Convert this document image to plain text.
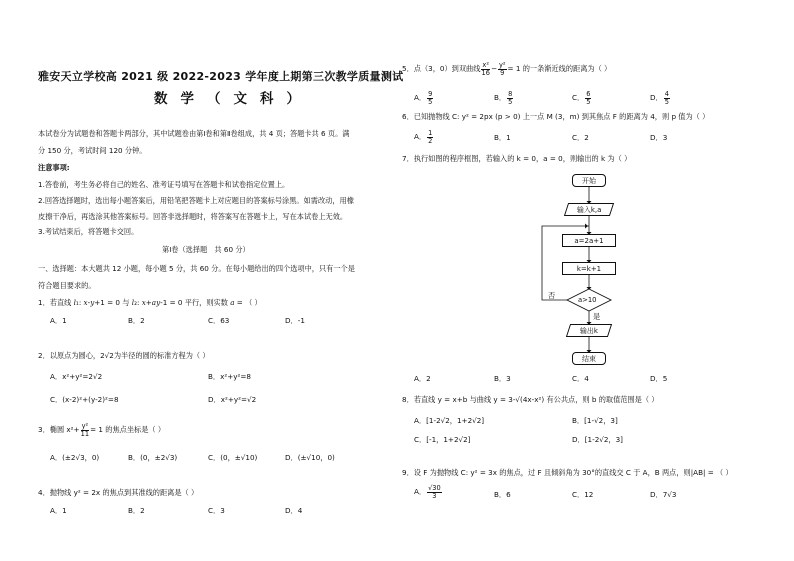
雅安天立学校高 2021 级 2022-2023 学年度上期第三次教学质量测试
数学（文科）
本试卷分为试题卷和答题卡两部分，其中试题卷由第Ⅰ卷和第Ⅱ卷组成，共 4 页；答题卡共 6 页。满
分 150 分，考试时间 120 分钟。
注意事项:
1.答卷前，考生务必将自己的姓名、准考证号填写在答题卡和试卷指定位置上。
2.回答选择题时，选出每小题答案后，用铅笔把答题卡上对应题目的答案标号涂黑。如需改动，用橡
皮擦干净后，再选涂其他答案标号。回答非选择题时，将答案写在答题卡上，写在本试卷上无效。
3.考试结束后，将答题卡交回。
第Ⅰ卷（选择题　共 60 分）
一、选择题：本大题共 12 小题，每小题 5 分，共 60 分。在每小题给出的四个选项中，只有一个是
符合题目要求的。
1．若直线 l₁: x-y+1 = 0 与 l₂: x+ay-1 = 0 平行，则实数 a = （ ）
A．1	B．2	C．63	D．-1
2．以原点为圆心，2√2为半径的圆的标准方程为（ ）
A．x²+y²=2√2	B．x²+y²=8
C．(x-2)²+(y-2)²=8	D．x²+y²=√2
3．椭圆 $x^2+ \frac{\text{y²}}{11} = 1$ 的焦点坐标是（ ）
A．(±2√3，0)	B．(0，±2√3)	C．(0，±√10)	D．(±√10，0)
4．抛物线 y² = 2x 的焦点到其准线的距离是（ ）
A．1	B．2	C．3	D．4
5．点（3，0）到双曲线 $\frac{\text{x²}}{16} - \frac{\text{y²}}{9} = 1$ 的一条渐近线的距离为（ ）
A． $\frac{9}{5}$	B． $\frac{8}{5}$	C． $\frac{6}{5}$	D． $\frac{4}{5}$
6．已知抛物线 C: y² = 2px (p > 0) 上一点 M (3，m) 到其焦点 F 的距离为 4，则 p 值为（ ）
A． $\frac{1}{2}$	B．1	C．2	D．3
7．执行如图的程序框图，若输入的 k = 0，a = 0，则输出的 k 为（ ）
开始
输入k,a
a=2a+1
k=k+1
a>10
否
是
输出k
结束
A．2	B．3	C．4	D．5
8．若直线 y = x+b 与曲线 y = 3-√(4x-x²) 有公共点，则 b 的取值范围是（ ）
A．[1-2√2，1+2√2]	B．[1-√2，3]
C．[-1，1+2√2]	D．[1-2√2，3]
9．设 F 为抛物线 C: y² = 3x 的焦点，过 F 且倾斜角为 30°的直线交 C 于 A，B 两点，则|AB| = （ ）
A． $\frac{√30}{3}$	B．6	C．12	D．7√3
